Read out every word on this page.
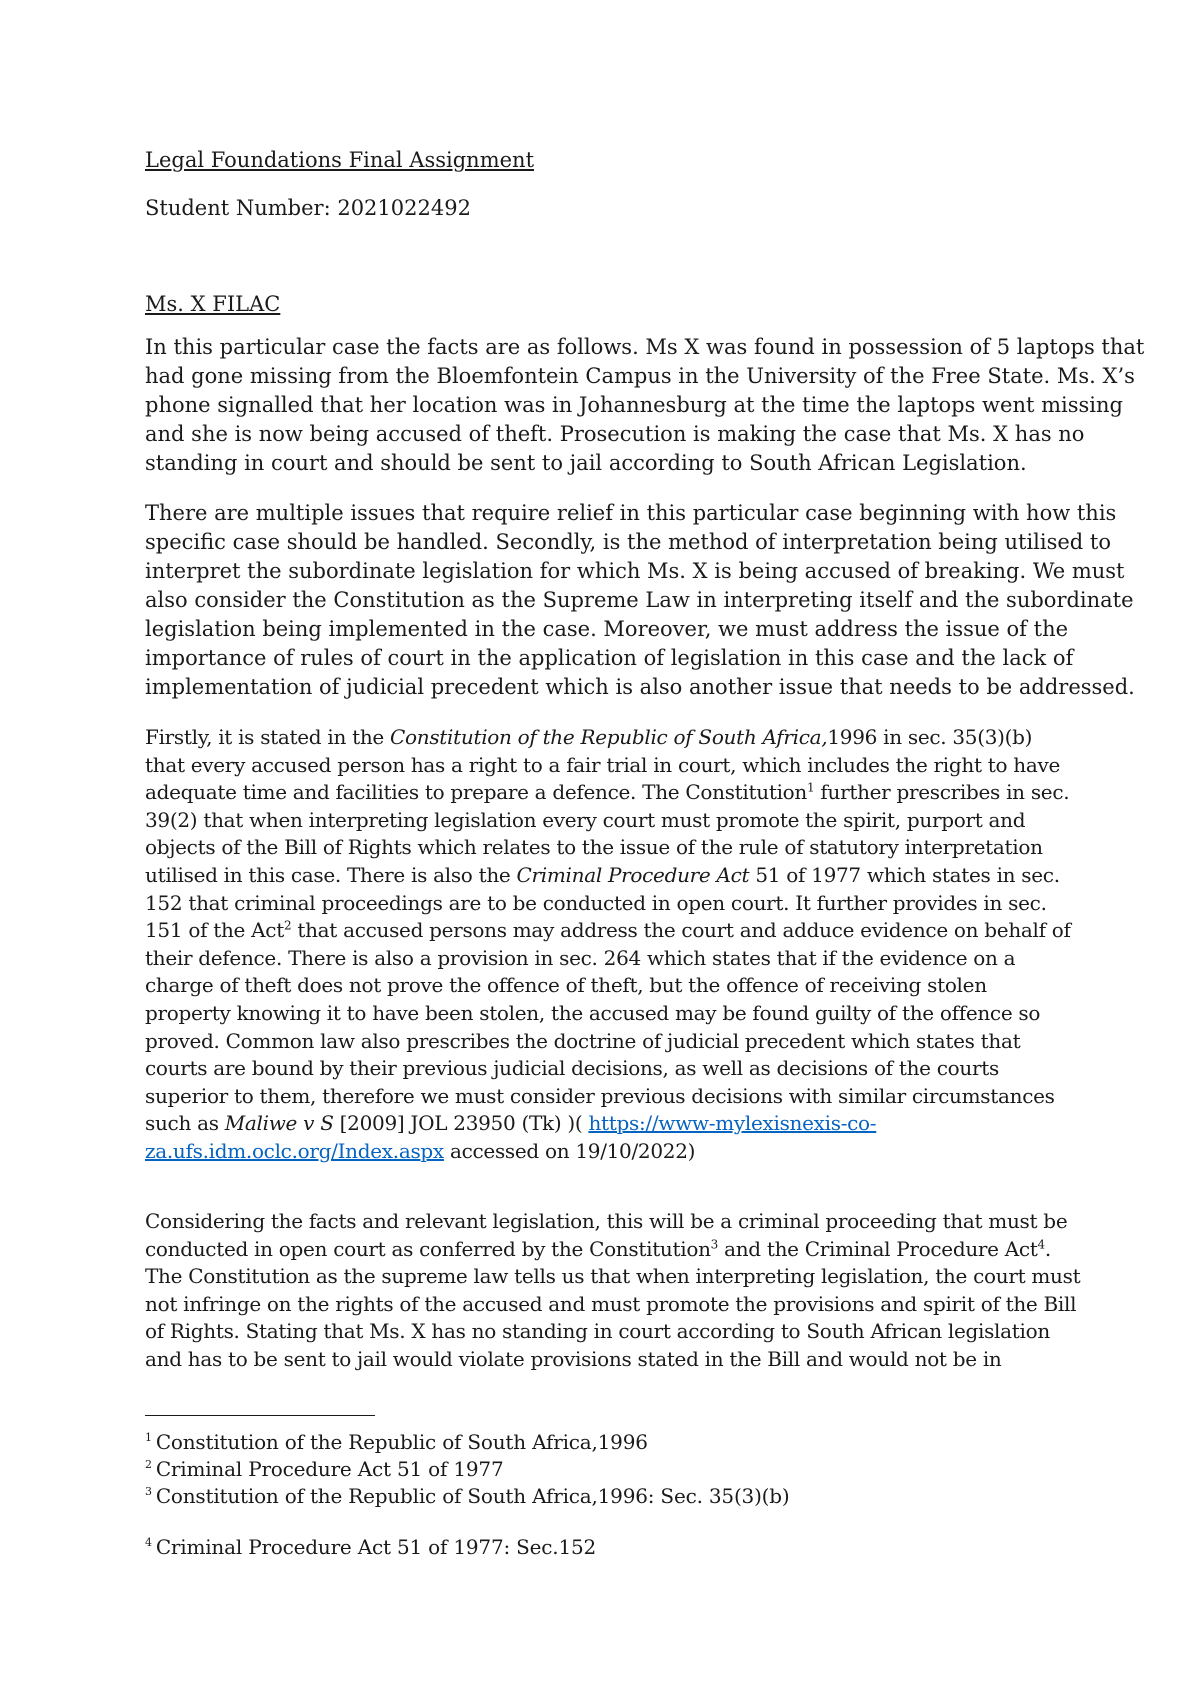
Legal Foundations Final Assignment
Student Number: 2021022492
Ms. X FILAC
In this particular case the facts are as follows. Ms X was found in possession of 5 laptops that
had gone missing from the Bloemfontein Campus in the University of the Free State. Ms. X’s
phone signalled that her location was in Johannesburg at the time the laptops went missing
and she is now being accused of theft. Prosecution is making the case that Ms. X has no
standing in court and should be sent to jail according to South African Legislation.
There are multiple issues that require relief in this particular case beginning with how this
specific case should be handled. Secondly, is the method of interpretation being utilised to
interpret the subordinate legislation for which Ms. X is being accused of breaking. We must
also consider the Constitution as the Supreme Law in interpreting itself and the subordinate
legislation being implemented in the case. Moreover, we must address the issue of the
importance of rules of court in the application of legislation in this case and the lack of
implementation of judicial precedent which is also another issue that needs to be addressed.
Firstly, it is stated in the Constitution of the Republic of South Africa,1996 in sec. 35(3)(b)
that every accused person has a right to a fair trial in court, which includes the right to have
adequate time and facilities to prepare a defence. The Constitution$^1$ further prescribes in sec.
39(2) that when interpreting legislation every court must promote the spirit, purport and
objects of the Bill of Rights which relates to the issue of the rule of statutory interpretation
utilised in this case. There is also the Criminal Procedure Act 51 of 1977 which states in sec.
152 that criminal proceedings are to be conducted in open court. It further provides in sec.
151 of the Act$^2$ that accused persons may address the court and adduce evidence on behalf of
their defence. There is also a provision in sec. 264 which states that if the evidence on a
charge of theft does not prove the offence of theft, but the offence of receiving stolen
property knowing it to have been stolen, the accused may be found guilty of the offence so
proved. Common law also prescribes the doctrine of judicial precedent which states that
courts are bound by their previous judicial decisions, as well as decisions of the courts
superior to them, therefore we must consider previous decisions with similar circumstances
such as Maliwe v S [2009] JOL 23950 (Tk) )( https://www-mylexisnexis-co-
za.ufs.idm.oclc.org/Index.aspx accessed on 19/10/2022)
Considering the facts and relevant legislation, this will be a criminal proceeding that must be
conducted in open court as conferred by the Constitution$^3$ and the Criminal Procedure Act$^4$.
The Constitution as the supreme law tells us that when interpreting legislation, the court must
not infringe on the rights of the accused and must promote the provisions and spirit of the Bill
of Rights. Stating that Ms. X has no standing in court according to South African legislation
and has to be sent to jail would violate provisions stated in the Bill and would not be in
$^1$ Constitution of the Republic of South Africa,1996
$^2$ Criminal Procedure Act 51 of 1977
$^3$ Constitution of the Republic of South Africa,1996: Sec. 35(3)(b)
$^4$ Criminal Procedure Act 51 of 1977: Sec.152
